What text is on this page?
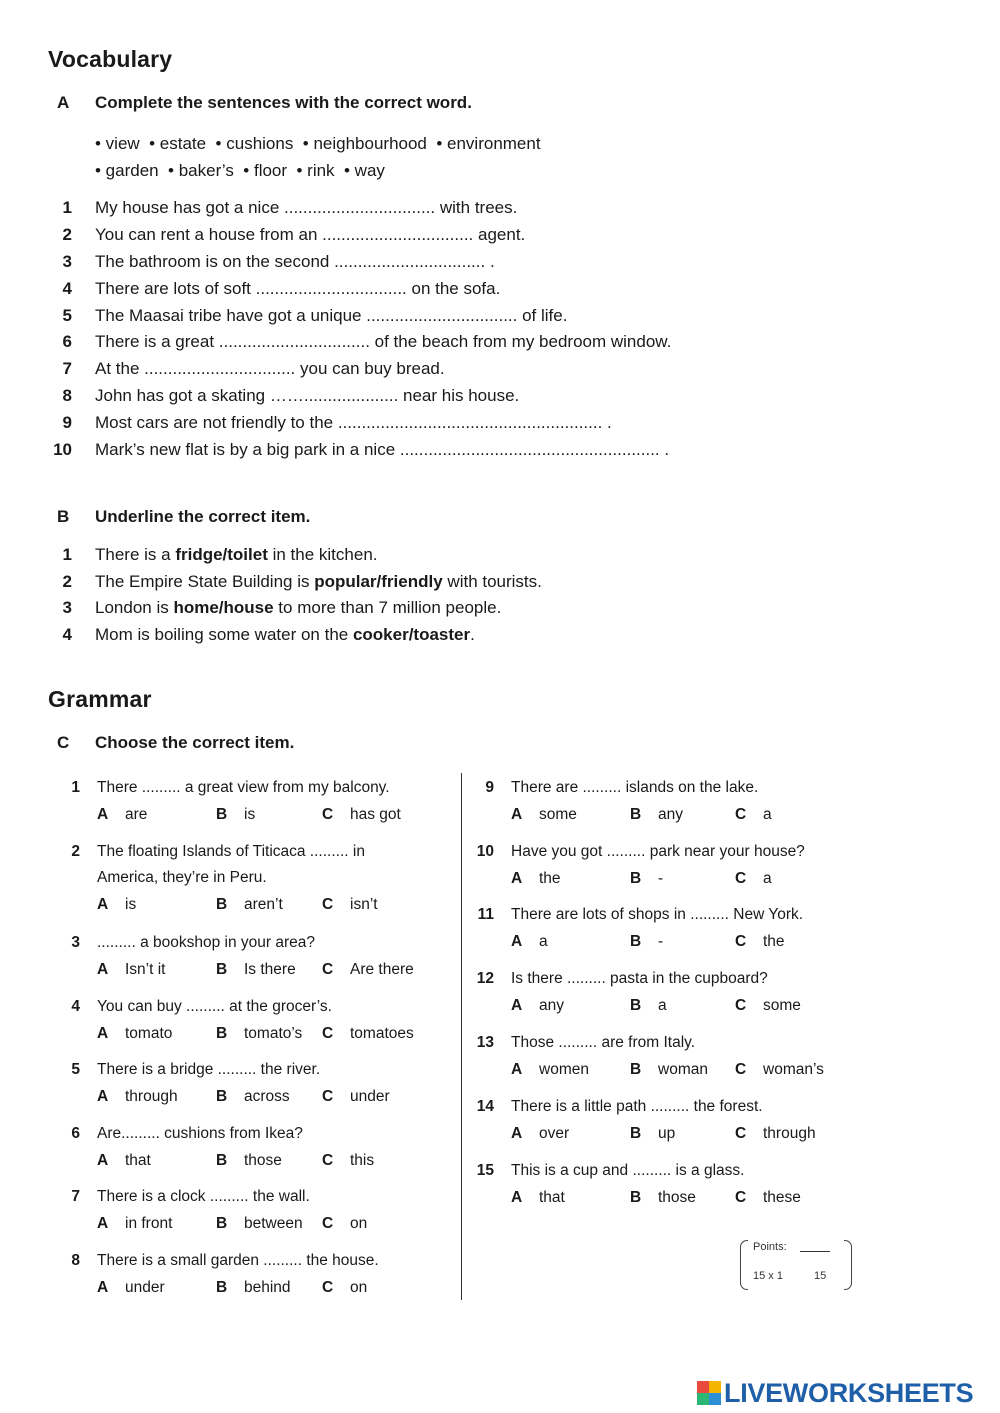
Vocabulary
A Complete the sentences with the correct word.
• view  • estate  • cushions  • neighbourhood  • environment
• garden  • baker’s  • floor  • rink  • way
1 My house has got a nice ................................ with trees.
2 You can rent a house from an ................................ agent.
3 The bathroom is on the second ................................ .
4 There are lots of soft ................................ on the sofa.
5 The Maasai tribe have got a unique ................................ of life.
6 There is a great ................................ of the beach from my bedroom window.
7 At the ................................ you can buy bread.
8 John has got a skating …….................... near his house.
9 Most cars are not friendly to the ........................................................ .
10 Mark’s new flat is by a big park in a nice ....................................................... .
B Underline the correct item.
1 There is a fridge/toilet in the kitchen.
2 The Empire State Building is popular/friendly with tourists.
3 London is home/house to more than 7 million people.
4 Mom is boiling some water on the cooker/toaster.
Grammar
C Choose the correct item.
1 There ......... a great view from my balcony.
A are	B is	C has got
2 The floating Islands of Titicaca ......... in
America, they’re in Peru.
A is	B aren’t	C isn’t
3 ......... a bookshop in your area?
A Isn’t it	B Is there C Are there
4 You can buy ......... at the grocer’s.
A tomato	B tomato’s C tomatoes
5 There is a bridge ......... the river.
A through B across C under
6 Are......... cushions from Ikea?
A that	B those	C this
7 There is a clock ......... the wall.
A in front	B between C on
8 There is a small garden ......... the house.
A under	B behind C on
9 There are ......... islands on the lake.
A some	B any	C a
10 Have you got ......... park near your house?
A the	B -	C a
11 There are lots of shops in ......... New York.
A a	B -	C the
12 Is there ......... pasta in the cupboard?
A any	B a	C some
13 Those ......... are from Italy.
A women	B woman C woman’s
14 There is a little path ......... the forest.
A over	B up	C through
15 This is a cup and ......... is a glass.
A that	B those	C these
Points:
15 x 1	15
LIVEWORKSHEETS
